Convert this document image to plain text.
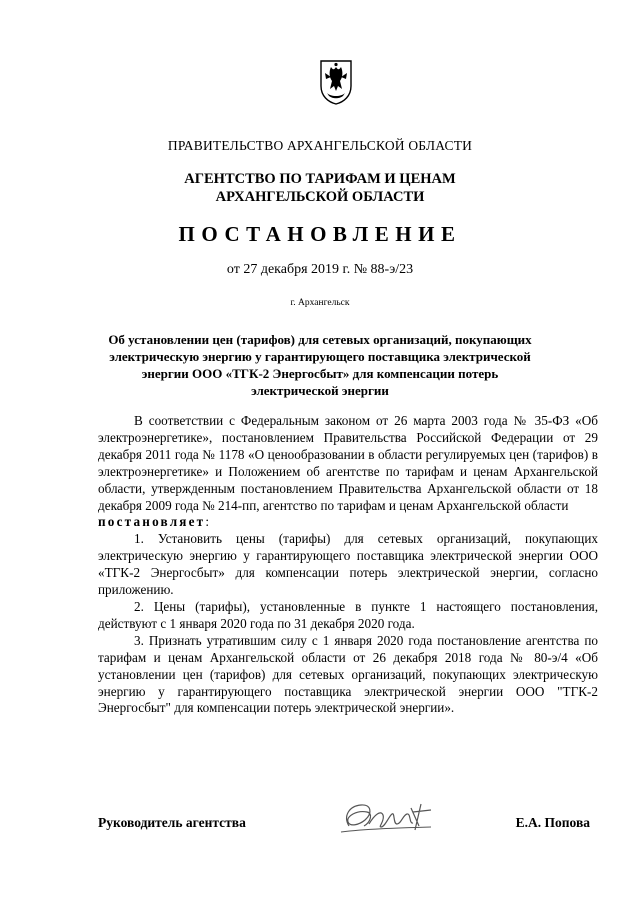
ПРАВИТЕЛЬСТВО АРХАНГЕЛЬСКОЙ ОБЛАСТИ
АГЕНТСТВО ПО ТАРИФАМ И ЦЕНАМ
АРХАНГЕЛЬСКОЙ ОБЛАСТИ
ПОСТАНОВЛЕНИЕ
от 27 декабря 2019 г. № 88-э/23
г. Архангельск
Об установлении цен (тарифов) для сетевых организаций, покупающих
электрическую энергию у гарантирующего поставщика электрической
энергии ООО «ТГК-2 Энергосбыт» для компенсации потерь
электрической энергии

В соответствии с Федеральным законом от 26 марта 2003 года № 35-ФЗ «Об электроэнергетике», постановлением Правительства Российской Федерации от 29 декабря 2011 года № 1178 «О ценообразовании в области регулируемых цен (тарифов) в электроэнергетике» и Положением об агентстве по тарифам и ценам Архангельской области, утвержденным постановлением Правительства Архангельской области от 18 декабря 2009 года № 214-пп, агентство по тарифам и ценам Архангельской области

постановляет:

1. Установить цены (тарифы) для сетевых организаций, покупающих электрическую энергию у гарантирующего поставщика электрической энергии ООО «ТГК-2 Энергосбыт» для компенсации потерь электрической энергии, согласно приложению.

2. Цены (тарифы), установленные в пункте 1 настоящего постановления, действуют с 1 января 2020 года по 31 декабря 2020 года.

3. Признать утратившим силу с 1 января 2020 года постановление агентства по тарифам и ценам Архангельской области от 26 декабря 2018 года № 80-э/4 «Об установлении цен (тарифов) для сетевых организаций, покупающих электрическую энергию у гарантирующего поставщика электрической энергии ООО "ТГК-2 Энергосбыт" для компенсации потерь электрической энергии».

Руководитель агентства	Е.А. Попова
